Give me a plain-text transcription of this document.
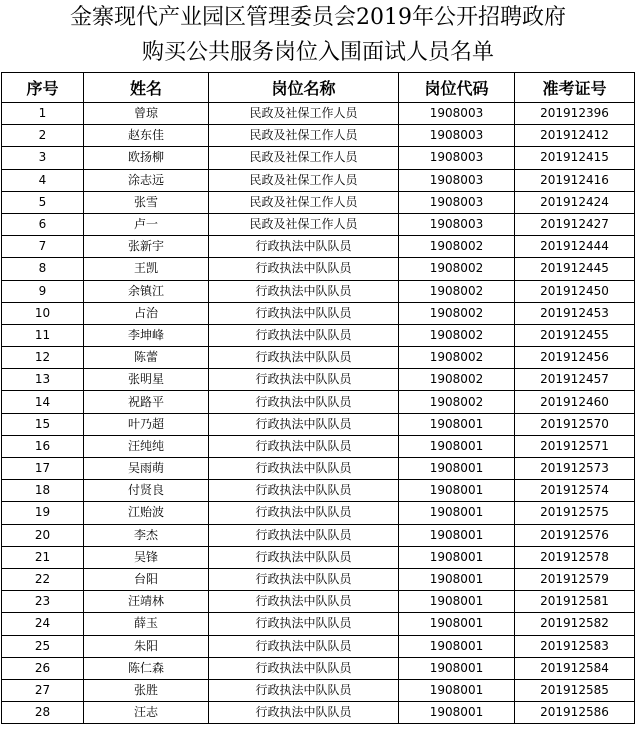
金寨现代产业园区管理委员会2019年公开招聘政府
购买公共服务岗位入围面试人员名单
序号	姓名	岗位名称	岗位代码	准考证号
1	曾琼	民政及社保工作人员	1908003	201912396
2	赵东佳	民政及社保工作人员	1908003	201912412
3	欧扬柳	民政及社保工作人员	1908003	201912415
4	涂志远	民政及社保工作人员	1908003	201912416
5	张雪	民政及社保工作人员	1908003	201912424
6	卢一	民政及社保工作人员	1908003	201912427
7	张新宇	行政执法中队队员	1908002	201912444
8	王凯	行政执法中队队员	1908002	201912445
9	余镇江	行政执法中队队员	1908002	201912450
10	占治	行政执法中队队员	1908002	201912453
11	李坤峰	行政执法中队队员	1908002	201912455
12	陈蕾	行政执法中队队员	1908002	201912456
13	张明星	行政执法中队队员	1908002	201912457
14	祝路平	行政执法中队队员	1908002	201912460
15	叶乃超	行政执法中队队员	1908001	201912570
16	汪纯纯	行政执法中队队员	1908001	201912571
17	吴雨萌	行政执法中队队员	1908001	201912573
18	付贤良	行政执法中队队员	1908001	201912574
19	江贻波	行政执法中队队员	1908001	201912575
20	李杰	行政执法中队队员	1908001	201912576
21	吴锋	行政执法中队队员	1908001	201912578
22	台阳	行政执法中队队员	1908001	201912579
23	汪靖林	行政执法中队队员	1908001	201912581
24	薛玉	行政执法中队队员	1908001	201912582
25	朱阳	行政执法中队队员	1908001	201912583
26	陈仁森	行政执法中队队员	1908001	201912584
27	张胜	行政执法中队队员	1908001	201912585
28	汪志	行政执法中队队员	1908001	201912586
